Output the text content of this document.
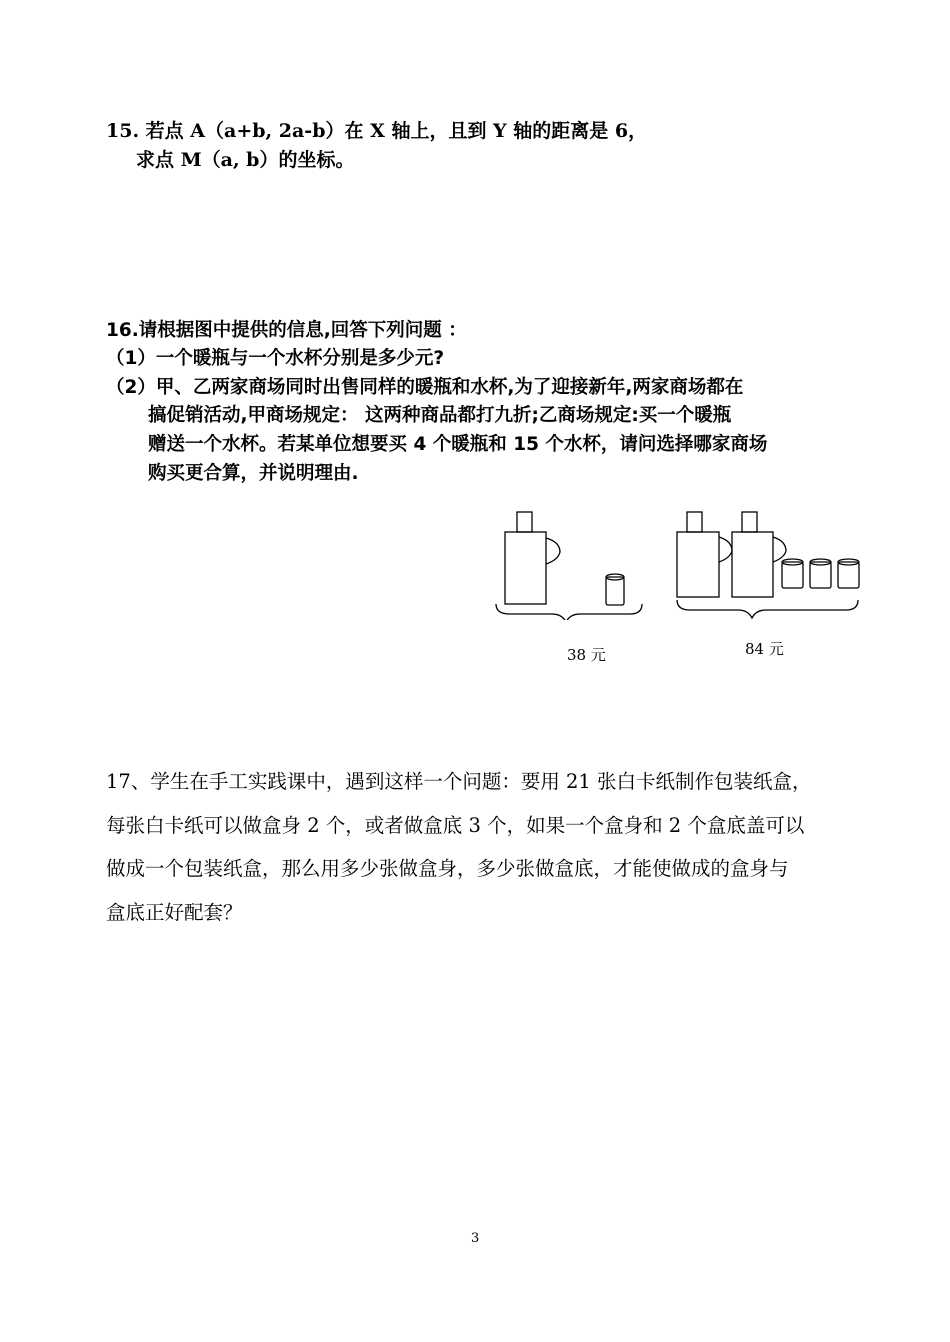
15. 若点 A（a+b, 2a-b）在 X 轴上，且到 Y 轴的距离是 6，
求点 M（a, b）的坐标。
16.请根据图中提供的信息,回答下列问题 ：
（1）一个暖瓶与一个水杯分别是多少元?
（2）甲、乙两家商场同时出售同样的暖瓶和水杯,为了迎接新年,两家商场都在
搞促销活动,甲商场规定： 这两种商品都打九折;乙商场规定:买一个暖瓶
赠送一个水杯。若某单位想要买 4 个暖瓶和 15 个水杯，请问选择哪家商场
购买更合算，并说明理由.
38 元	84 元
17、学生在手工实践课中，遇到这样一个问题：要用 21 张白卡纸制作包装纸盒，
每张白卡纸可以做盒身 2 个，或者做盒底 3 个，如果一个盒身和 2 个盒底盖可以
做成一个包装纸盒，那么用多少张做盒身，多少张做盒底，才能使做成的盒身与
盒底正好配套？
3
